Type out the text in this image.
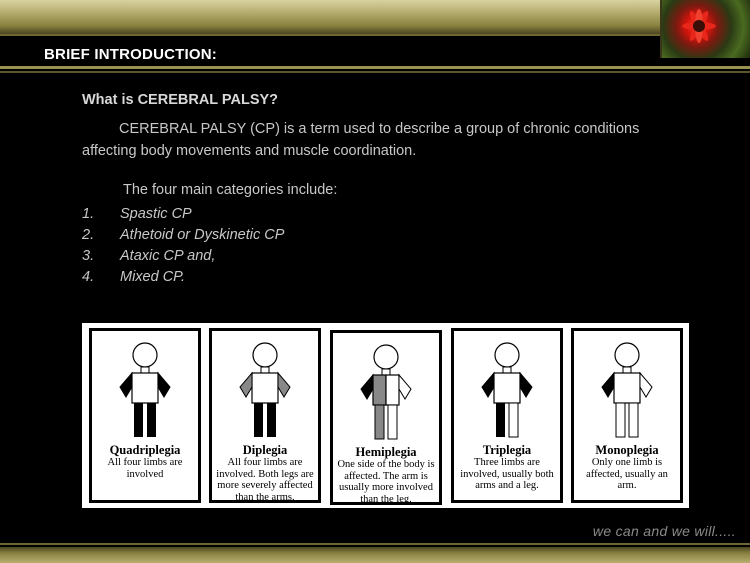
BRIEF INTRODUCTION:
What is CEREBRAL PALSY?
CEREBRAL PALSY (CP) is a term used to describe a group of chronic conditions affecting body movements and muscle coordination.
The four main categories include:
1.	Spastic CP
2.	Athetoid or Dyskinetic CP
3.	Ataxic CP and,
4.	Mixed CP.
Quadriplegia
All four limbs are involved
Diplegia
All four limbs are involved. Both legs are more severely affected than the arms.
Hemiplegia
One side of the body is affected. The arm is usually more involved than the leg.
Triplegia
Three limbs are involved, usually both arms and a leg.
Monoplegia
Only one limb is affected, usually an arm.
we can and we will.....
